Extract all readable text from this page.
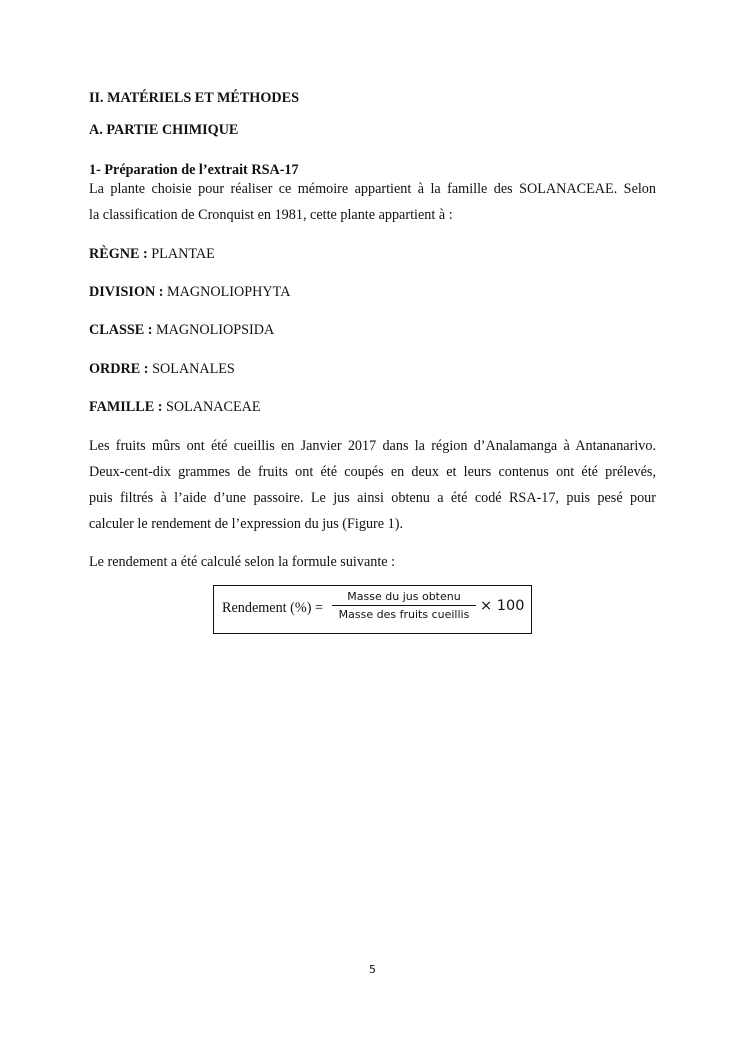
II. MATÉRIELS ET MÉTHODES
A. PARTIE CHIMIQUE
1- Préparation de l’extrait RSA-17
La plante choisie pour réaliser ce mémoire appartient à la famille des SOLANACEAE. Selon
la classification de Cronquist en 1981, cette plante appartient à :
RÈGNE : PLANTAE
DIVISION : MAGNOLIOPHYTA
CLASSE : MAGNOLIOPSIDA
ORDRE : SOLANALES
FAMILLE : SOLANACEAE
Les fruits mûrs ont été cueillis en Janvier 2017 dans la région d’Analamanga à Antananarivo.
Deux-cent-dix grammes de fruits ont été coupés en deux et leurs contenus ont été prélevés,
puis filtrés à l’aide d’une passoire. Le jus ainsi obtenu a été codé RSA-17, puis pesé pour
calculer le rendement de l’expression du jus (Figure 1).
Le rendement a été calculé selon la formule suivante :
Rendement (%) =
Masse du jus obtenu
Masse des fruits cueillis
× 100
5
